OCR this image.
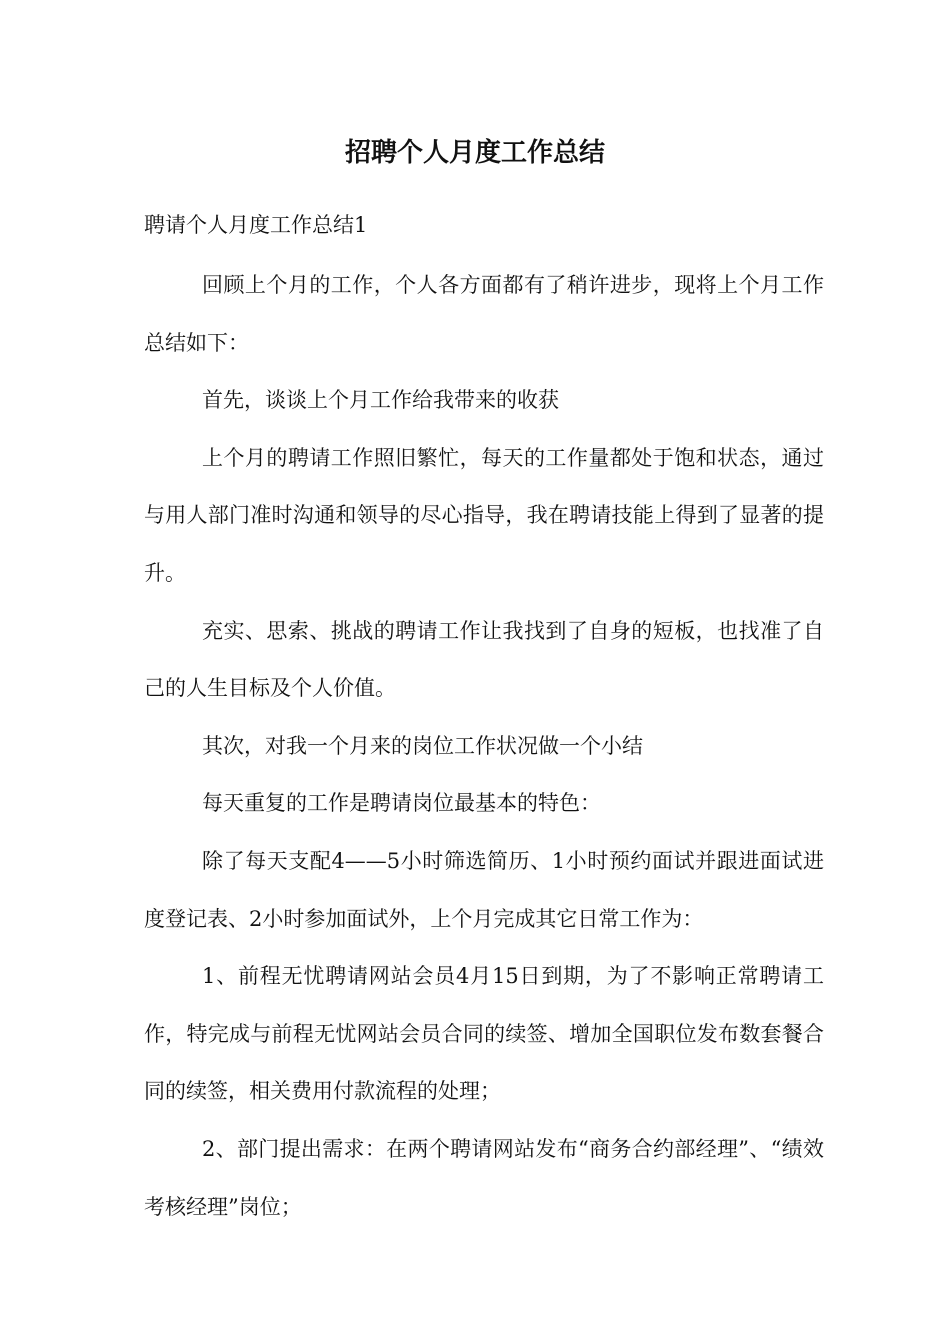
招聘个人月度工作总结
聘请个人月度工作总结1

回顾上个月的工作，个人各方面都有了稍许进步，现将上个月工作总结如下：

首先，谈谈上个月工作给我带来的收获

上个月的聘请工作照旧繁忙，每天的工作量都处于饱和状态，通过与用人部门准时沟通和领导的尽心指导，我在聘请技能上得到了显著的提升。

充实、思索、挑战的聘请工作让我找到了自身的短板，也找准了自己的人生目标及个人价值。

其次，对我一个月来的岗位工作状况做一个小结

每天重复的工作是聘请岗位最基本的特色：

除了每天支配4——5小时筛选简历、1小时预约面试并跟进面试进度登记表、2小时参加面试外，上个月完成其它日常工作为：

1、前程无忧聘请网站会员4月15日到期，为了不影响正常聘请工作，特完成与前程无忧网站会员合同的续签、增加全国职位发布数套餐合同的续签，相关费用付款流程的处理；

2、部门提出需求：在两个聘请网站发布“商务合约部经理”、“绩效考核经理”岗位；
